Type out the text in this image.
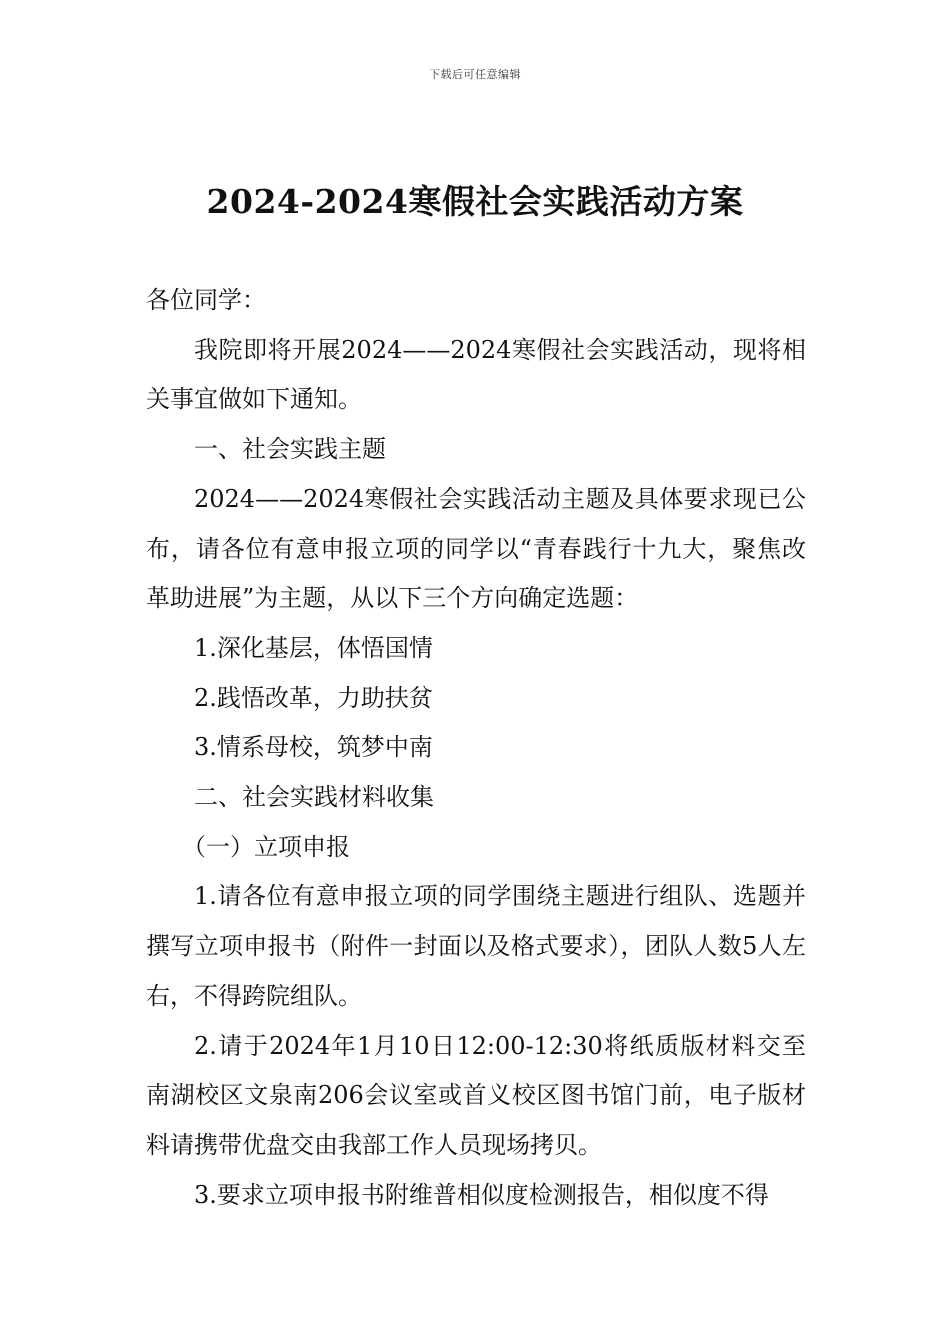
下载后可任意编辑
2024-2024寒假社会实践活动方案

各位同学：

我院即将开展2024——2024寒假社会实践活动，现将相关事宜做如下通知。

一、社会实践主题

2024——2024寒假社会实践活动主题及具体要求现已公布，请各位有意申报立项的同学以“青春践行十九大，聚焦改革助进展”为主题，从以下三个方向确定选题：

1.深化基层，体悟国情

2.践悟改革，力助扶贫

3.情系母校，筑梦中南

二、社会实践材料收集

（一）立项申报

1.请各位有意申报立项的同学围绕主题进行组队、选题并撰写立项申报书（附件一封面以及格式要求），团队人数5人左右，不得跨院组队。

2.请于2024年1月10日12:00-12:30将纸质版材料交至南湖校区文泉南206会议室或首义校区图书馆门前，电子版材料请携带优盘交由我部工作人员现场拷贝。

3.要求立项申报书附维普相似度检测报告，相似度不得
